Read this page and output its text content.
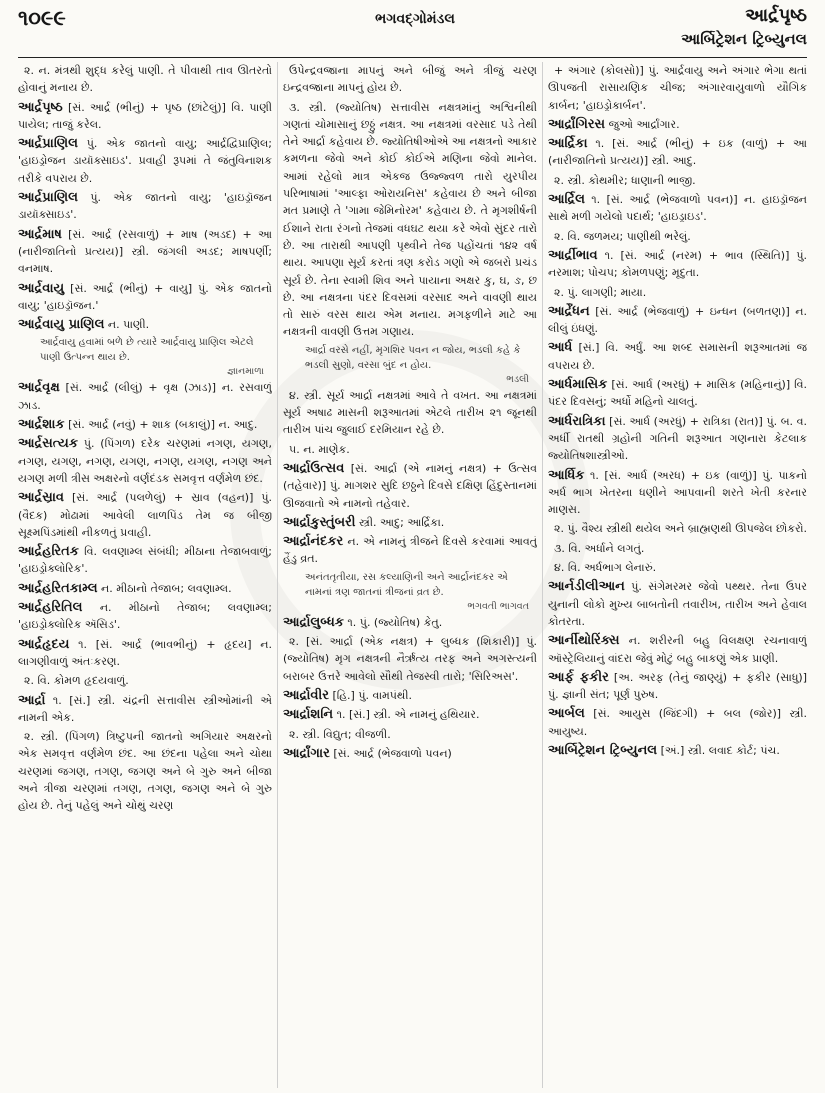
૧૦૯૯	ભગવદ્ગોમંડલ	આર્દ્રપૃષ્ઠ
આર્બિટ્રેશન ટ્રિબ્યુનલ
૨. ન. મંત્રથી શુદ્ધ કરેલું પાણી. તે પીવાથી તાવ ઊતરતો હોવાનું મનાય છે.
આર્દ્રપૃષ્ઠ [સં. આર્દ્ર (ભીનું) + પૃષ્ઠ (છાંટેલું)] વિ. પાણી પાયેલ; તાજું કરેલ.
આર્દ્રપ્રાણિલ પું. એક જાતનો વાયુ; આર્દ્રદ્વિપ્રાણિલ; 'હાઇડ્રોજન ડાયૉક્સાઇડ'. પ્રવાહી રૂપમાં તે જંતુવિનાશક તરીકે વપરાય છે.
આર્દ્રપ્રાણિલ પું. એક જાતનો વાયુ; 'હાઇડ્રૉજન ડાયૉક્સાઇડ'.
આર્દ્રમાષ [સં. આર્દ્ર (રસવાળું) + માષ (અડદ) + આ (નારીજાતિનો પ્રત્યય)] સ્ત્રી. જંગલી અડદ; માષપર્ણી; વનમાષ.
આર્દ્રવાયુ [સં. આર્દ્ર (ભીનું) + વાયુ] પું. એક જાતનો વાયુ; 'હાઇડ્રૉજન.'
આર્દ્રવાયુ પ્રાણિલ ન. પાણી.
આર્દ્રવાયુ હવામાં બળે છે ત્યારે આર્દ્રવાયુ પ્રાણિલ એટલે પાણી ઉત્પન્ન થાય છે.
જ્ઞાનમાળા
આર્દ્રવૃક્ષ [સં. આર્દ્ર (લીલું) + વૃક્ષ (ઝાડ)] ન. રસવાળું ઝાડ.
આર્દ્રશાક [સં. આર્દ્ર (નવું) + શાક (બકાલું)] ન. આદુ.
આર્દ્રસત્યક પું. (પિંગળ) દરેક ચરણમાં નગણ, યગણ, નગણ, યગણ, નગણ, યગણ, નગણ, યગણ, નગણ અને યગણ મળી ત્રીસ અક્ષરનો વર્ણદંડક સમવૃત્ત વર્ણમેળ છંદ.
આર્દ્રસ્રાવ [સં. આર્દ્ર (પલળેલું) + સ્રાવ (વહન)] પું. (વૈદક) મોઢામાં આવેલી લાળપિંડ તેમ જ બીજી સૂક્ષ્મપિંડમાંથી નીકળતું પ્રવાહી.
આર્દ્રહરિતક વિ. લવણામ્લ સંબંધી; મીઠાના તેજાબવાળું; 'હાઇડ્રોક્લોરિક'.
આર્દ્રહરિતકામ્લ ન. મીઠાનો તેજાબ; લવણામ્લ.
આર્દ્રહરિતિલ ન. મીઠાનો તેજાબ; લવણામ્લ; 'હાઇડ્રોક્લોરિક ઍસિડ'.
આર્દ્રહૃદય ૧. [સં. આર્દ્ર (ભાવભીનું) + હૃદય] ન. લાગણીવાળું અંતઃકરણ.
૨. વિ. કોમળ હૃદયવાળું.
આર્દ્રા ૧. [સં.] સ્ત્રી. ચંદ્રની સત્તાવીસ સ્ત્રીઓમાંની એ નામની એક.
૨. સ્ત્રી. (પિંગળ) ત્રિષ્ટુપની જાતનો અગિયાર અક્ષરનો એક સમવૃત્ત વર્ણમેળ છંદ. આ છંદના પહેલા અને ચોથા ચરણમાં જગણ, તગણ, જગણ અને બે ગુરુ અને બીજા અને ત્રીજા ચરણમાં તગણ, તગણ, જગણ અને બે ગુરુ હોય છે. તેનું પહેલું અને ચોથું ચરણ
ઉપેન્દ્રવજ્રાના માપનું અને બીજું અને ત્રીજું ચરણ ઇન્દ્રવજ્રાના માપનું હોય છે.
૩. સ્ત્રી. (જ્યોતિષ) સત્તાવીસ નક્ષત્રમાંનું અશ્વિનીથી ગણતાં ચોમાસાનું છઠ્ઠું નક્ષત્ર. આ નક્ષત્રમાં વરસાદ પડે તેથી તેને આર્દ્રા કહેવાય છે. જ્યોતિષીઓએ આ નક્ષત્રનો આકાર કમળના જેવો અને કોઈ કોઈએ મણિના જેવો માનેલ. આમાં રહેલો માત્ર એકજ ઉજ્જ્વળ તારો યુરપીય પરિભાષામાં 'આલ્ફા ઓરાયનિસ' કહેવાય છે અને બીજા મત પ્રમાણે તે 'ગામા જેમિનોરમ' કહેવાય છે. તે મૃગશીર્ષની ઈશાને રાતા રંગનો તેજમાં વધઘટ થયા કરે એવો સુંદર તારો છે. આ તારાથી આપણી પૃથ્વીને તેજ પહોંચતાં ૧૪૨ વર્ષ થાય. આપણા સૂર્ય કરતાં ત્રણ કરોડ ગણો એ જબરો પ્રચંડ સૂર્ય છે. તેના સ્વામી શિવ અને પાયાના અક્ષર કુ, ઘ, ઙ, છ છે. આ નક્ષત્રના પંદર દિવસમાં વરસાદ અને વાવણી થાય તો સારું વરસ થાય એમ મનાય. મગફળીને માટે આ નક્ષત્રની વાવણી ઉત્તમ ગણાય.
આર્દ્રા વરસે નહીં, મૃગશિર પવન ન જોય, ભડલી કહે કે ભડલી સુણો, વરસા બુંદ ન હોય.
ભડલી
૪. સ્ત્રી. સૂર્ય આર્દ્રા નક્ષત્રમાં આવે તે વખત. આ નક્ષત્રમાં સૂર્ય અષાઢ માસની શરૂઆતમાં એટલે તારીખ ૨૧ જૂનથી તારીખ પાંચ જુલાઈ દરમિયાન રહે છે.
૫. ન. માણેક.
આર્દ્રાઉત્સવ [સં. આર્દ્રા (એ નામનું નક્ષત્ર) + ઉત્સવ (તહેવાર)] પું. માગશર સુદિ છઠ્ઠને દિવસે દક્ષિણ હિંદુસ્તાનમાં ઊજવાતો એ નામનો તહેવાર.
આર્દ્રાકુસ્તુંબરી સ્ત્રી. આદુ; આર્દ્રિકા.
આર્દ્રાનંદકર ન. એ નામનું ત્રીજને દિવસે કરવામાં આવતું હૈંડુ વ્રત.
અનંતતૃતીયા, રસ કલ્યાણિની અને આર્દ્રાનંદકર એ નામનાં ત્રણ જાતનાં ત્રીજનાં વ્રત છે.
ભગવતી ભાગવત
આર્દ્રાલુબ્ધક ૧. પું. (જ્યોતિષ) કેતુ.
૨. [સં. આર્દ્રા (એક નક્ષત્ર) + લુબ્ધક (શિકારી)] પું. (જ્યોતિષ) મૃગ નક્ષત્રની નૈર્ઋત્ય તરફ અને અગસ્ત્યની બરાબર ઉત્તરે આવેલો સૌથી તેજસ્વી તારો; 'સિરિઅસ'.
આર્દ્રાવીર [હિ.] પું. વામપંથી.
આર્દ્રાશનિ ૧. [સં.] સ્ત્રી. એ નામનું હથિયાર.
૨. સ્ત્રી. વિદ્યુત; વીજળી.
આર્દ્રાંગાર [સં. આર્દ્ર (ભેજવાળો પવન)
+ અંગાર (કોલસો)] પું. આર્દ્રવાયુ અને અંગાર ભેગા થતાં ઊપજતી રાસાયણિક ચીજ; અંગારવાયુવાળો યૌગિક કાર્બન; 'હાઇડ્રોકાર્બન'.
આર્દ્રાંગિરસ જુઓ આર્દ્રાંગાર.
આર્દ્રિકા ૧. [સં. આર્દ્ર (ભીનું) + ઇક (વાળું) + આ (નારીજાતિનો પ્રત્યય)] સ્ત્રી. આદુ.
૨. સ્ત્રી. કોથમીર; ધાણાની ભાજી.
આર્દ્રિલ ૧. [સં. આર્દ્ર (ભેજવાળો પવન)] ન. હાઇડ્રૉજન સાથે મળી ગયેલો પદાર્થ; 'હાઇડ્રાઇડ'.
૨. વિ. જળમય; પાણીથી ભરેલું.
આર્દ્રીભાવ ૧. [સં. આર્દ્ર (નરમ) + ભાવ (સ્થિતિ)] પું. નરમાશ; પોચપ; કોમળપણું; મૃદુતા.
૨. પું. લાગણી; માયા.
આર્દ્રેંધન [સં. આર્દ્ર (ભેજવાળું) + ઇન્ધન (બળતણ)] ન. લીલું ઇંધણું.
આર્ધ [સં.] વિ. અર્ધું. આ શબ્દ સમાસની શરૂઆતમાં જ વપરાય છે.
આર્ધમાસિક [સં. આર્ધ (અરધું) + માસિક (મહિનાનું)] વિ. પંદર દિવસનું; અર્ધો મહિનો ચાલતું.
આર્ધરાત્રિકા [સં. આર્ધ (અરધું) + રાત્રિકા (રાત)] પું. બ. વ. અર્ધી રાતથી ગ્રહોની ગતિની શરૂઆત ગણનારા કેટલાક જ્યોતિષશાસ્ત્રીઓ.
આર્ધિક ૧. [સં. આર્ધ (અરધ) + ઇક (વાળું)] પું. પાકનો અર્ધ ભાગ ખેતરના ધણીને આપવાની શરતે ખેતી કરનાર માણસ.
૨. પું. વૈશ્ય સ્ત્રીથી થયેલ અને બ્રાહ્મણથી ઊપજેલ છોકરો.
૩. વિ. અર્ધાને લગતું.
૪. વિ. અર્ધભાગ લેનારું.
આર્નડીલીઆન પું. સંગેમરમર જેવો પથ્થર. તેના ઉપર યુનાની લોકો મુખ્ય બાબતોની તવારીખ, તારીખ અને હેવાલ કોતરતા.
આર્નીથોરિંક્સ ન. શરીરની બહુ વિલક્ષણ રચનાવાળું ઑસ્ટ્રેલિયાનું વાંદરા જેવું મોટું બહુ બાકણું એક પ્રાણી.
આર્ફ ફકીર [અ. અરફ (તેનું જાણ્યું) + ફકીર (સાધુ)] પું. જ્ઞાની સંત; પૂર્ણ પુરુષ.
આર્બલ [સં. આયુસ (જિંદગી) + બલ (જોર)] સ્ત્રી. આયુષ્ય.
આર્બિટ્રેશન ટ્રિબ્યુનલ [અં.] સ્ત્રી. લવાદ કોર્ટ; પંચ.
